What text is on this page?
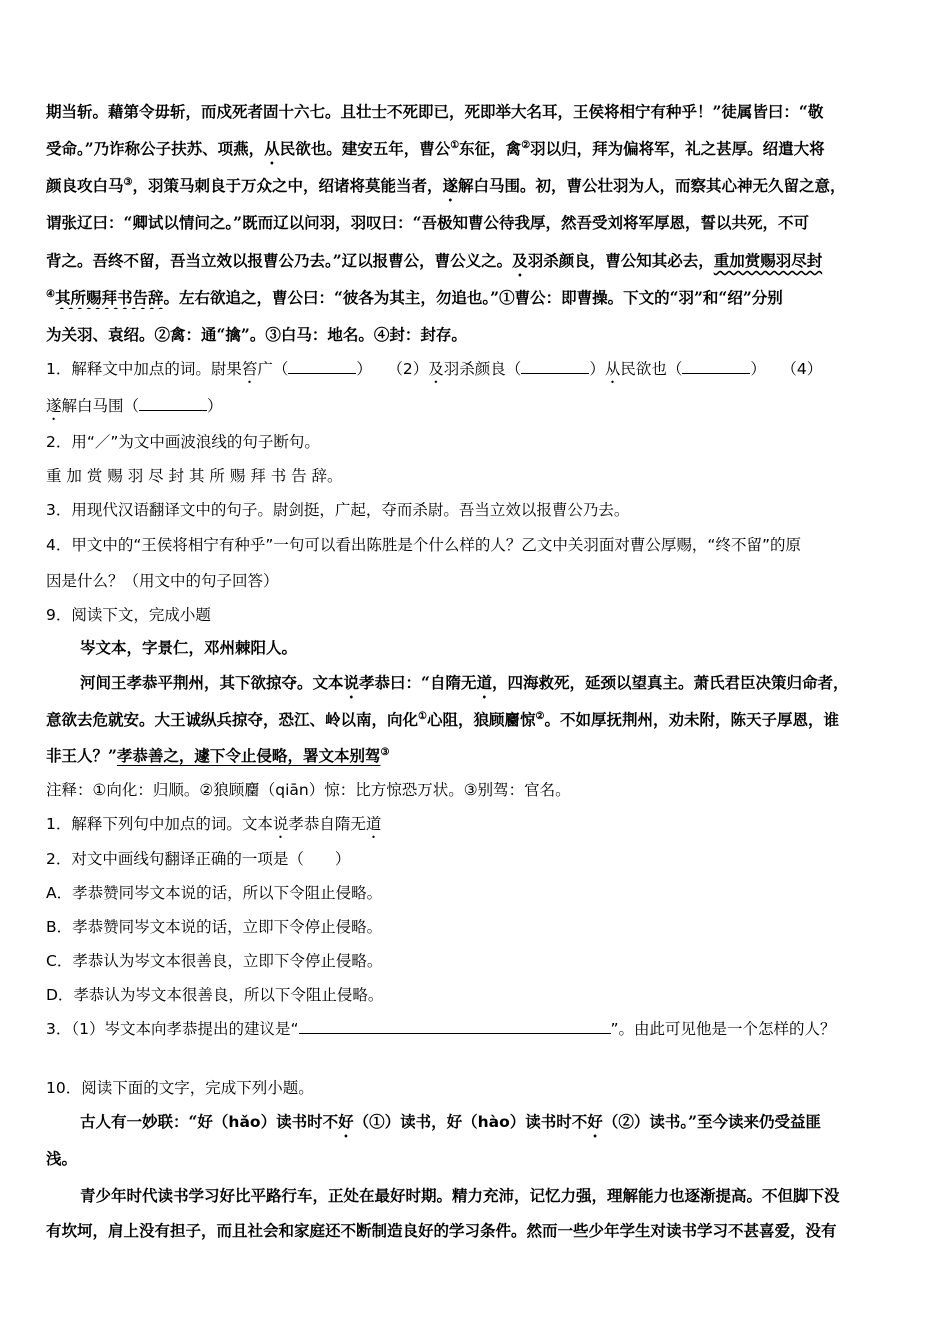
期当斩。藉第令毋斩，而戍死者固十六七。且壮士不死即已，死即举大名耳，王侯将相宁有种乎！”徒属皆曰：“敬
受命。”乃诈称公子扶苏、项燕，从民欲也。建安五年，曹公①东征，禽②羽以归，拜为偏将军，礼之甚厚。绍遣大将
颜良攻白马③，羽策马刺良于万众之中，绍诸将莫能当者，遂解白马围。初，曹公壮羽为人，而察其心神无久留之意，
谓张辽曰：“卿试以情问之。”既而辽以问羽，羽叹曰：“吾极知曹公待我厚，然吾受刘将军厚恩，誓以共死，不可
背之。吾终不留，吾当立效以报曹公乃去。”辽以报曹公，曹公义之。及羽杀颜良，曹公知其必去，重加赏赐羽尽封
④其所赐拜书告辞。左右欲追之，曹公曰：“彼各为其主，勿追也。”①曹公：即曹操。下文的“羽”和“绍”分别
为关羽、袁绍。②禽：通“擒”。③白马：地名。④封：封存。
1．解释文中加点的词。尉果笞广（	）　　（2）及羽杀颜良（	）从民欲也（	）　　（4）
遂解白马围（	）
2．用“／”为文中画波浪线的句子断句。
重 加 赏 赐 羽 尽 封 其 所 赐 拜 书 告 辞。
3．用现代汉语翻译文中的句子。尉剑挺，广起，夺而杀尉。吾当立效以报曹公乃去。
4．甲文中的“王侯将相宁有种乎”一句可以看出陈胜是个什么样的人？乙文中关羽面对曹公厚赐，“终不留”的原
因是什么？（用文中的句子回答）
9．阅读下文，完成小题
岑文本，字景仁，邓州棘阳人。
河间王孝恭平荆州，其下欲掠夺。文本说孝恭曰：“自隋无道，四海救死，延颈以望真主。萧氏君臣决策归命者，
意欲去危就安。大王诚纵兵掠夺，恐江、岭以南，向化①心阻，狼顾麕惊②。不如厚抚荆州，劝未附，陈天子厚恩，谁
非王人？”孝恭善之，遽下令止侵略，署文本别驾③
注释：①向化：归顺。②狼顾麕（qiān）惊：比方惊恐万状。③别驾：官名。
1．解释下列句中加点的词。文本说孝恭自隋无道
2．对文中画线句翻译正确的一项是（　　）
A．孝恭赞同岑文本说的话，所以下令阻止侵略。
B．孝恭赞同岑文本说的话，立即下令停止侵略。
C．孝恭认为岑文本很善良，立即下令停止侵略。
D．孝恭认为岑文本很善良，所以下令阻止侵略。
3．（1）岑文本向孝恭提出的建议是“	”。由此可见他是一个怎样的人？
10．阅读下面的文字，完成下列小题。
古人有一妙联：“好（hǎo）读书时不好（①）读书，好（hào）读书时不好（②）读书。”至今读来仍受益匪
浅。
青少年时代读书学习好比平路行车，正处在最好时期。精力充沛，记忆力强，理解能力也逐渐提高。不但脚下没
有坎坷，肩上没有担子，而且社会和家庭还不断制造良好的学习条件。然而一些少年学生对读书学习不甚喜爱，没有
